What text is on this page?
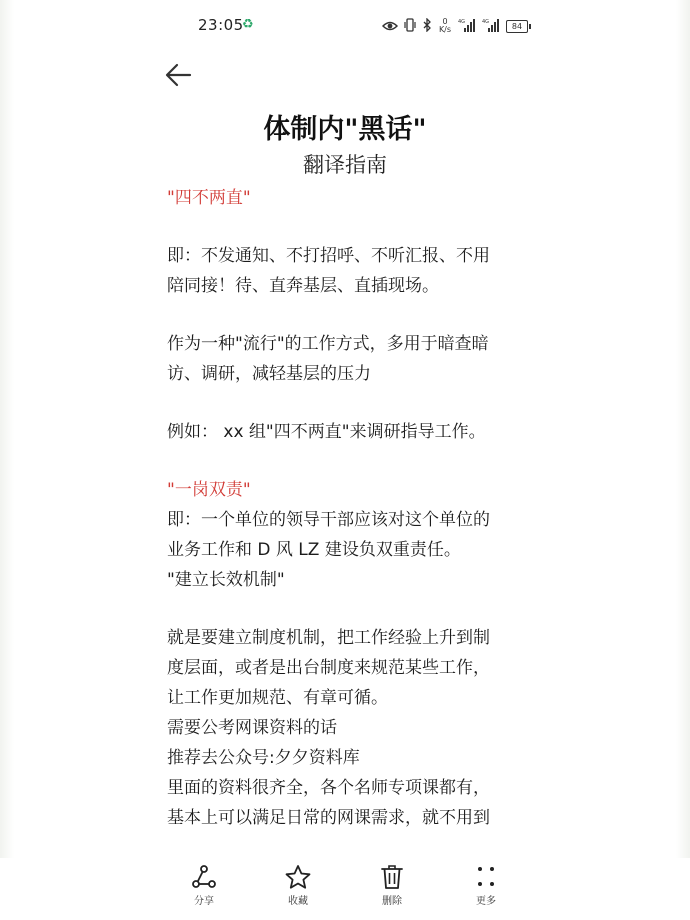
23:05
♻	0
K/s
4G	4G	84
体制内"黑话"
翻译指南
"四不两直"
即：不发通知、不打招呼、不听汇报、不用
陪同接！待、直奔基层、直插现场。
作为一种"流行"的工作方式，多用于暗查暗
访、调研，减轻基层的压力
例如： xx 组"四不两直"来调研指导工作。
"一岗双责"
即：一个单位的领导干部应该对这个单位的
业务工作和 D 风 LZ 建设负双重责任。
"建立长效机制"
就是要建立制度机制，把工作经验上升到制
度层面，或者是出台制度来规范某些工作，
让工作更加规范、有章可循。
需要公考网课资料的话
推荐去公众号:夕夕资料库
里面的资料很齐全，各个名师专项课都有，
基本上可以满足日常的网课需求，就不用到
分享	收藏	删除	更多
